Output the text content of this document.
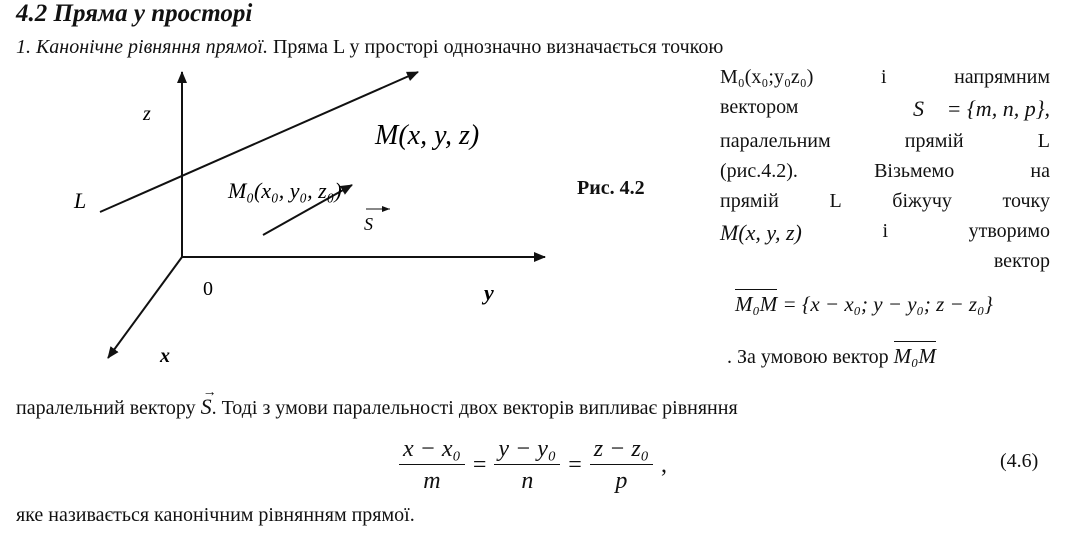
4.2 Пряма у просторі
1. Канонічне рівняння прямої. Пряма L у просторі однозначно визначається точкою
z
y
x
0
L
M(x, y, z)
M₀(x₀, y₀, z₀)
S
Рис. 4.2
M₀(x₀;y₀z₀)	і	напрямним
вектором	S⃗ = {m, n, p},
паралельним	прямій	L
(рис.4.2).	Візьмемо	на
прямій	L	біжучу	точку
M(x, y, z)	і	утворимо
вектор
M₀M = {x − x₀; y − y₀; z − z₀}
. За умовою вектор M₀M
паралельний вектору
→
S. Тоді з умови паралельності двох векторів випливає рівняння
$\frac{\text{x − x₀}}{m} = \frac{\text{y − y₀}}{n} = \frac{\text{z − z₀}}{p}$ ,	(4.6)
яке називається канонічним рівнянням прямої.
